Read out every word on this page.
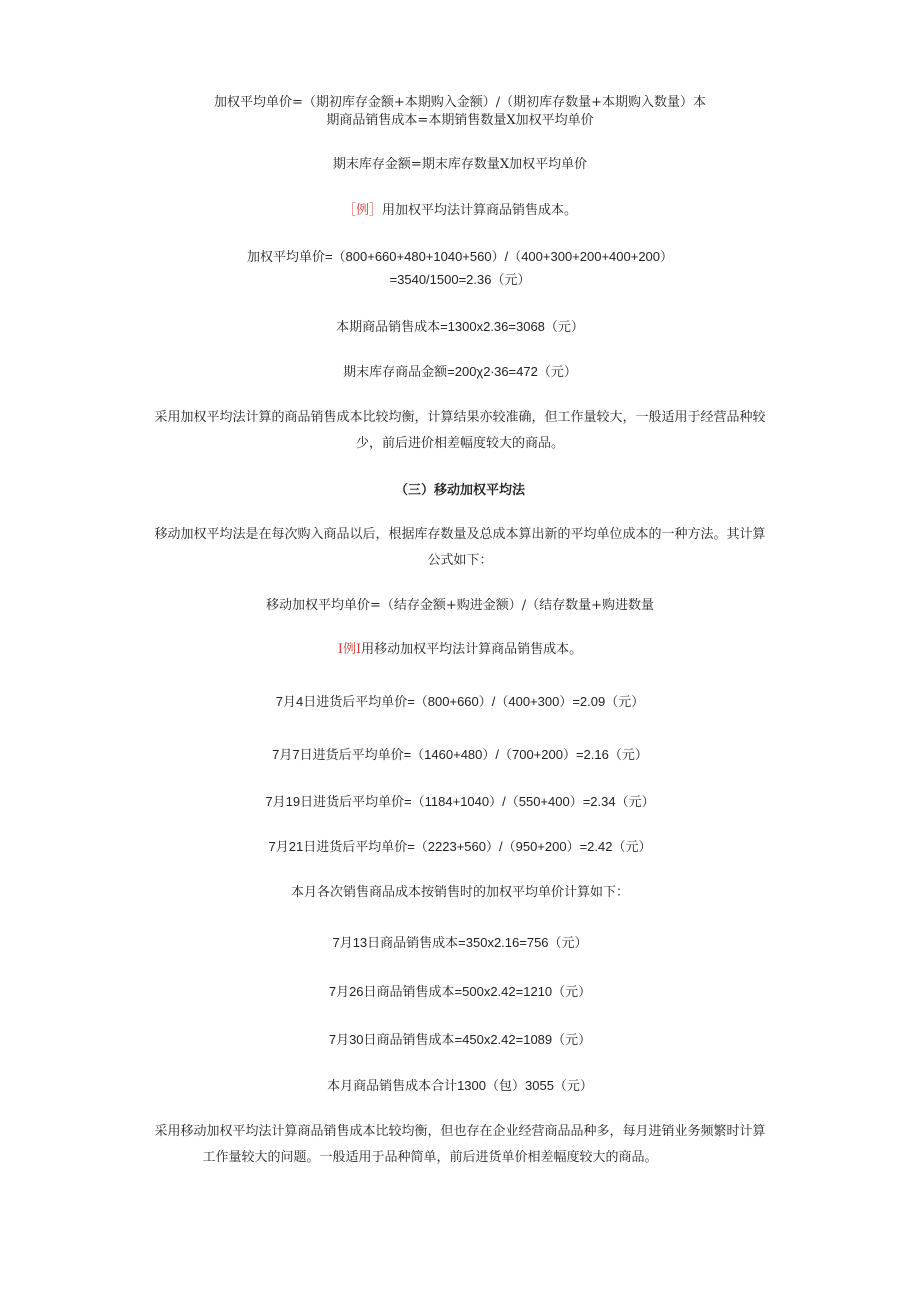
加权平均单价=（期初库存金额+本期购入金额）/（期初库存数量+本期购入数量）本
期商品销售成本=本期销售数量X加权平均单价
期末库存金额=期末库存数量X加权平均单价
［例］用加权平均法计算商品销售成本。
加权平均单价=（800+660+480+1040+560）/（400+300+200+400+200）
=3540/1500=2.36（元）
本期商品销售成本=1300x2.36=3068（元）
期末库存商品金额=200χ2∙36=472（元）
采用加权平均法计算的商品销售成本比较均衡，计算结果亦较准确，但工作量较大，一般适用于经营品种较
少，前后进价相差幅度较大的商品。
（三）移动加权平均法
移动加权平均法是在每次购入商品以后，根据库存数量及总成本算出新的平均单位成本的一种方法。其计算
公式如下：
移动加权平均单价=（结存金额+购进金额）/（结存数量+购进数量
I例I用移动加权平均法计算商品销售成本。
7月4日进货后平均单价=（800+660）/（400+300）=2.09（元）
7月7日进货后平均单价=（1460+480）/（700+200）=2.16（元）
7月19日进货后平均单价=（1184+1040）/（550+400）=2.34（元）
7月21日进货后平均单价=（2223+560）/（950+200）=2.42（元）
本月各次销售商品成本按销售时的加权平均单价计算如下：
7月13日商品销售成本=350x2.16=756（元）
7月26日商品销售成本=500x2.42=1210（元）
7月30日商品销售成本=450x2.42=1089（元）
本月商品销售成本合计1300（包）3055（元）
采用移动加权平均法计算商品销售成本比较均衡，但也存在企业经营商品品种多，每月进销业务频繁时计算
工作量较大的问题。一般适用于品种简单，前后进货单价相差幅度较大的商品。
